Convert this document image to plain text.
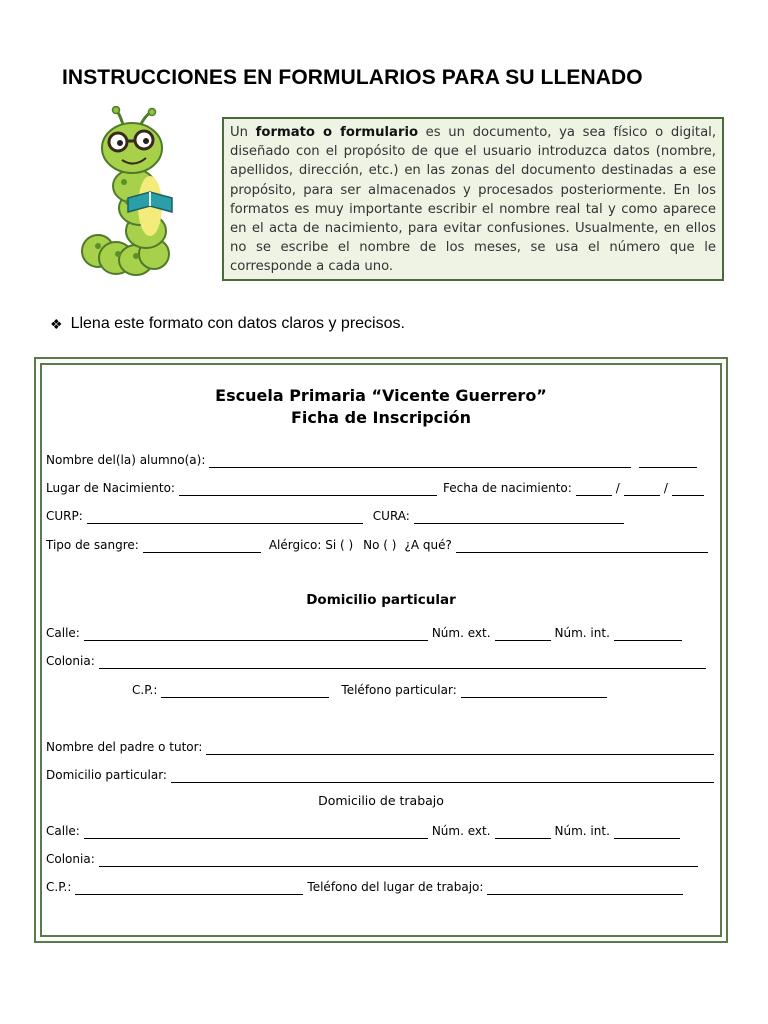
INSTRUCCIONES EN FORMULARIOS PARA SU LLENADO
Un formato o formulario es un documento, ya sea físico o digital, diseñado con el propósito de que el usuario introduzca datos (nombre, apellidos, dirección, etc.) en las zonas del documento destinadas a ese propósito, para ser almacenados y procesados posteriormente. En los formatos es muy importante escribir el nombre real tal y como aparece en el acta de nacimiento, para evitar confusiones. Usualmente, en ellos no se escribe el nombre de los meses, se usa el número que le corresponde a cada uno.
❖ Llena este formato con datos claros y precisos.
Escuela Primaria “Vicente Guerrero”
Ficha de Inscripción
Nombre del(la) alumno(a):
Lugar de Nacimiento:	Fecha de nacimiento:	/	/
CURP:	CURA:
Tipo de sangre:	Alérgico: Si ( ) No ( ) ¿A qué?
Domicilio particular
Calle:	Núm. ext.	Núm. int.
Colonia:
C.P.:	Teléfono particular:
Nombre del padre o tutor:
Domicilio particular:
Domicilio de trabajo
Calle:	Núm. ext.	Núm. int.
Colonia:
C.P.:	Teléfono del lugar de trabajo:
